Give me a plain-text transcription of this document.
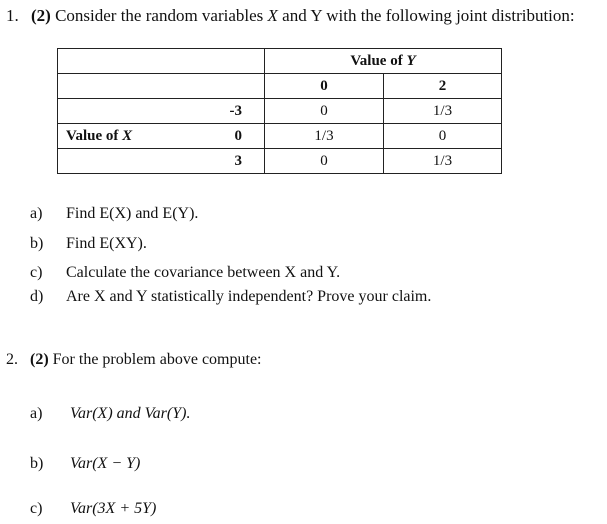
1. (2) Consider the random variables X and Y with the following joint distribution:
		Value of Y	
		0	2
	-3	0	1/3
Value of X	0	1/3	0
	3	0	1/3
a) Find E(X) and E(Y).
b) Find E(XY).
c) Calculate the covariance between X and Y.
d) Are X and Y statistically independent? Prove your claim.
2. (2) For the problem above compute:
a) Var(X) and Var(Y).
b) Var(X − Y)
c) Var(3X + 5Y)
